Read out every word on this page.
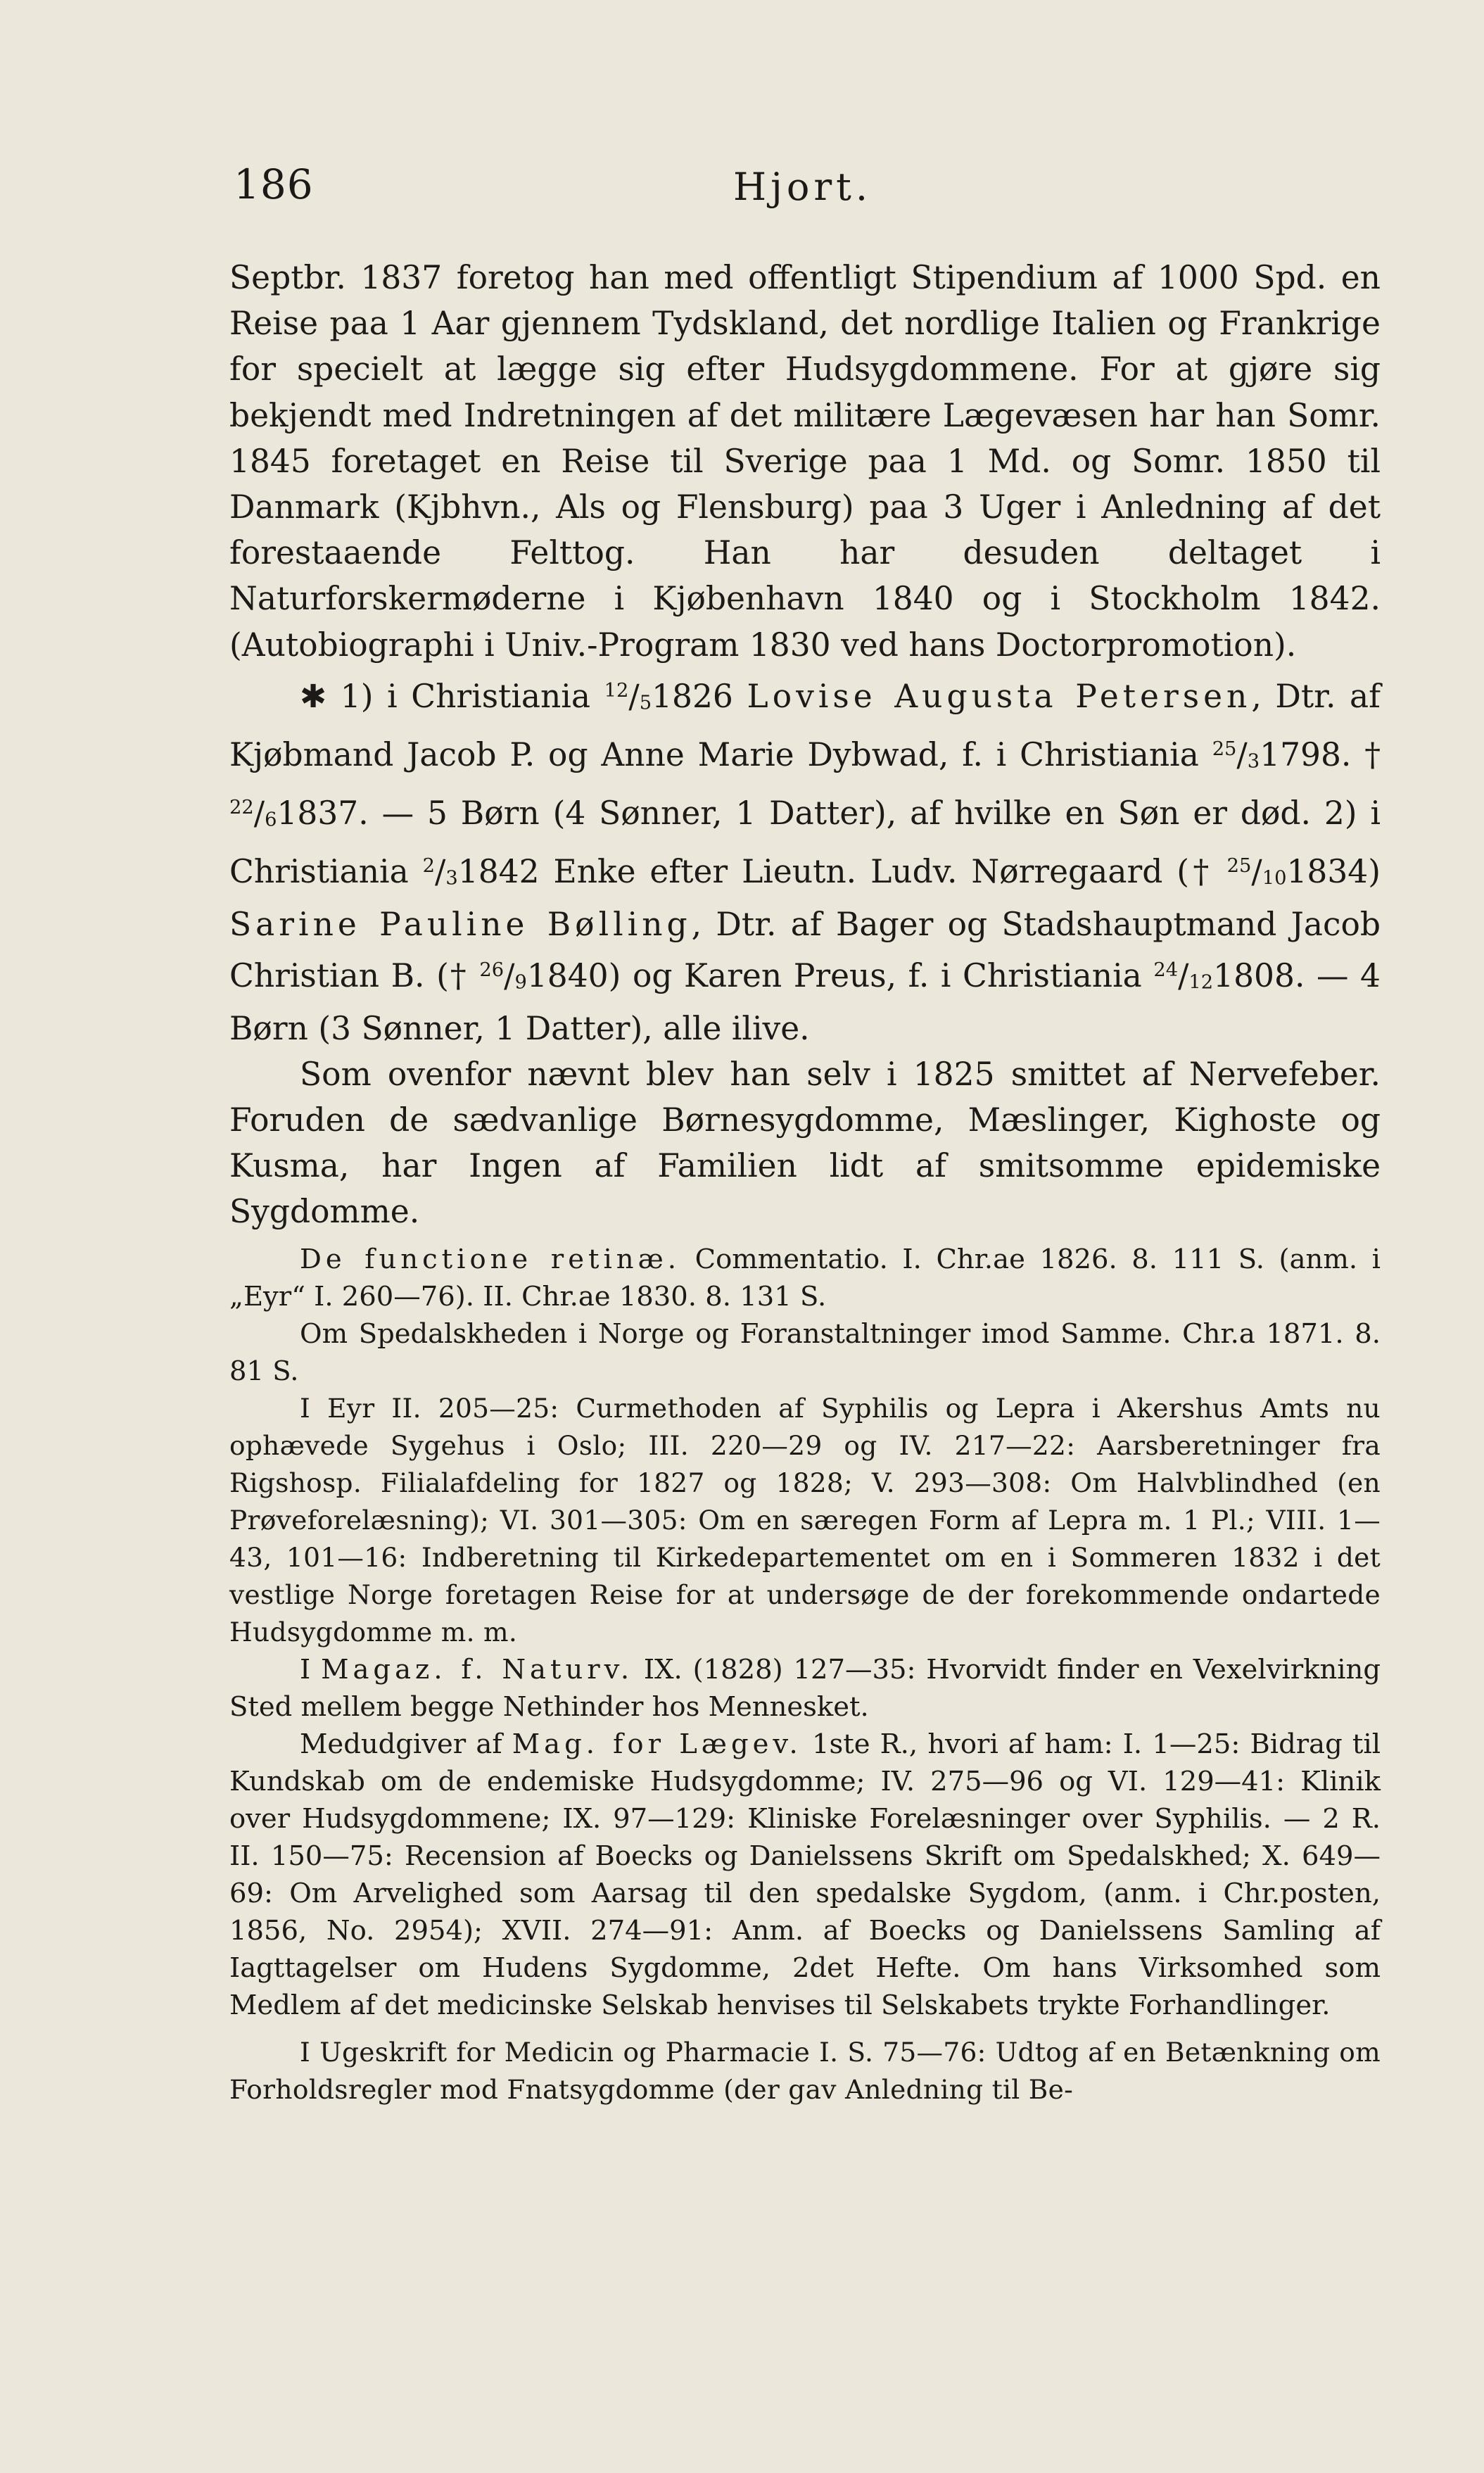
186	Hjort.

Septbr. 1837 foretog han med offentligt Stipendium af 1000 Spd. en Reise paa 1 Aar gjennem Tydskland, det nordlige Italien og Frankrige for specielt at lægge sig efter Hudsygdommene. For at gjøre sig bekjendt med Indretningen af det militære Lægevæsen har han Somr. 1845 foretaget en Reise til Sverige paa 1 Md. og Somr. 1850 til Danmark (Kjbhvn., Als og Flensburg) paa 3 Uger i Anledning af det forestaaende Felttog. Han har desuden deltaget i Naturforskermøderne i Kjøbenhavn 1840 og i Stockholm 1842. (Autobiographi i Univ.-Program 1830 ved hans Doctorpromotion).

✱ 1) i Christiania $^{12}$/51826 Lovise Augusta Petersen, Dtr. af Kjøbmand Jacob P. og Anne Marie Dybwad, f. i Christiania $^{25}$/31798. † $^{22}$/61837. — 5 Børn (4 Sønner, 1 Datter), af hvilke en Søn er død. 2) i Christiania $^2$/31842 Enke efter Lieutn. Ludv. Nørregaard († $^{25}$/101834) Sarine Pauline Bølling, Dtr. af Bager og Stadshauptmand Jacob Christian B. († $^{26}$/91840) og Karen Preus, f. i Christiania $^{24}$/121808. — 4 Børn (3 Sønner, 1 Datter), alle ilive.

Som ovenfor nævnt blev han selv i 1825 smittet af Nervefeber. Foruden de sædvanlige Børnesygdomme, Mæslinger, Kighoste og Kusma, har Ingen af Familien lidt af smitsomme epidemiske Sygdomme.

De functione retinæ. Commentatio. I. Chr.ae 1826. 8. 111 S. (anm. i „Eyr“ I. 260—76). II. Chr.ae 1830. 8. 131 S.

Om Spedalskheden i Norge og Foranstaltninger imod Samme. Chr.a 1871. 8. 81 S.

I Eyr II. 205—25: Curmethoden af Syphilis og Lepra i Akershus Amts nu ophævede Sygehus i Oslo; III. 220—29 og IV. 217—22: Aarsberetninger fra Rigshosp. Filialafdeling for 1827 og 1828; V. 293—308: Om Halvblindhed (en Prøveforelæsning); VI. 301—305: Om en særegen Form af Lepra m. 1 Pl.; VIII. 1—43, 101—16: Indberetning til Kirkedepartementet om en i Sommeren 1832 i det vestlige Norge foretagen Reise for at undersøge de der forekommende ondartede Hudsygdomme m. m.

I Magaz. f. Naturv. IX. (1828) 127—35: Hvorvidt finder en Vexelvirkning Sted mellem begge Nethinder hos Mennesket.

Medudgiver af Mag. for Lægev. 1ste R., hvori af ham: I. 1—25: Bidrag til Kundskab om de endemiske Hudsygdomme; IV. 275—96 og VI. 129—41: Klinik over Hudsygdommene; IX. 97—129: Kliniske Forelæsninger over Syphilis. — 2 R. II. 150—75: Recension af Boecks og Danielssens Skrift om Spedalskhed; X. 649—69: Om Arvelighed som Aarsag til den spedalske Sygdom, (anm. i Chr.posten, 1856, No. 2954); XVII. 274—91: Anm. af Boecks og Danielssens Samling af Iagttagelser om Hudens Sygdomme, 2det Hefte. Om hans Virksomhed som Medlem af det medicinske Selskab henvises til Selskabets trykte Forhandlinger.

I Ugeskrift for Medicin og Pharmacie I. S. 75—76: Udtog af en Betænkning om Forholdsregler mod Fnatsygdomme (der gav Anledning til Be-
